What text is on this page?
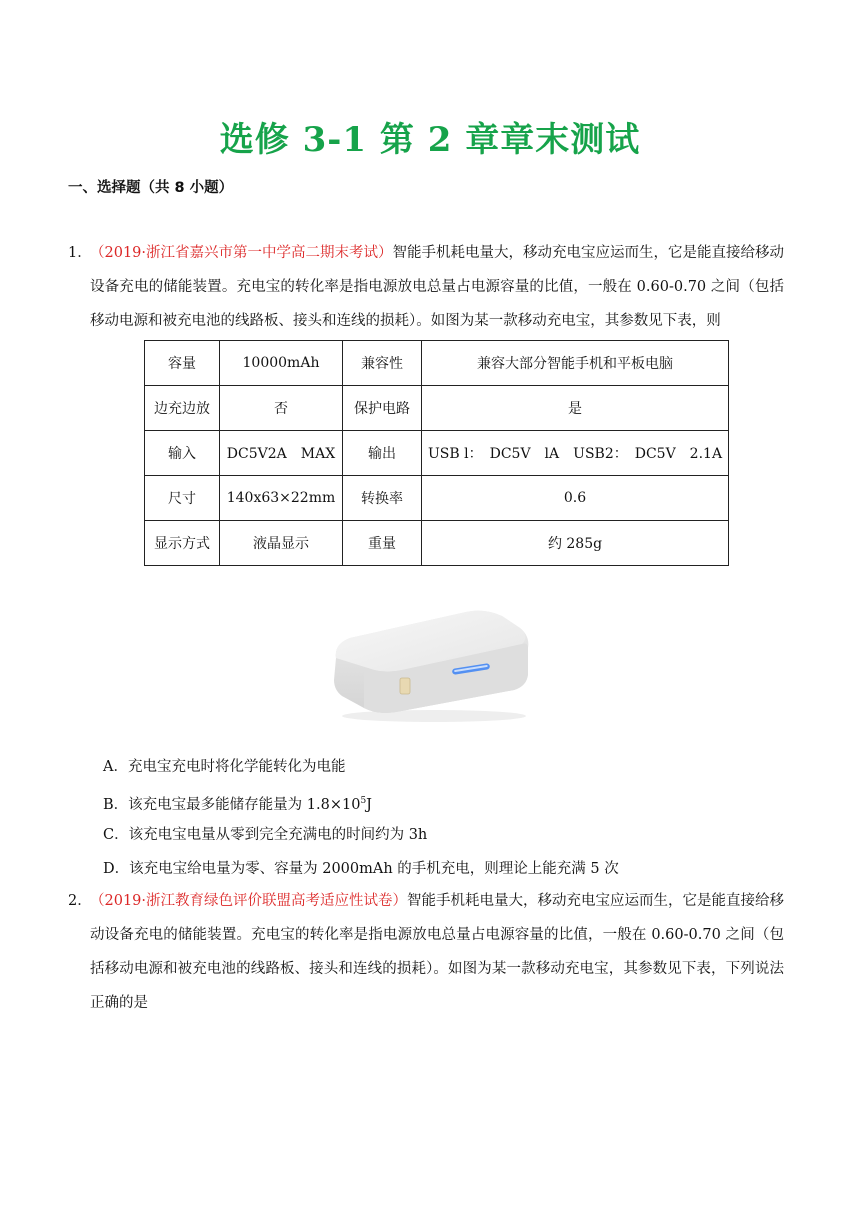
选修 3-1 第 2 章章末测试
一、选择题（共 8 小题）
1．
（2019·浙江省嘉兴市第一中学高二期末考试）智能手机耗电量大，移动充电宝应运而生，它是能直接给移动设备充电的储能装置。充电宝的转化率是指电源放电总量占电源容量的比值，一般在 0.60-0.70 之间（包括移动电源和被充电池的线路板、接头和连线的损耗）。如图为某一款移动充电宝，其参数见下表，则
容量	10000mAh	兼容性	兼容大部分智能手机和平板电脑
边充边放	否	保护电路	是
输入	DC5V2A　MAX	输出	USB l：　DC5V　lA　USB2：　DC5V　2.1A
尺寸	140x63×22mm	转换率	0.6
显示方式	液晶显示	重量	约 285g
A．充电宝充电时将化学能转化为电能
B．该充电宝最多能储存能量为 $1.8\times 10^5J$
C．该充电宝电量从零到完全充满电的时间约为 3h
D．该充电宝给电量为零、容量为 2000mAh 的手机充电，则理论上能充满 5 次
2．
（2019·浙江教育绿色评价联盟高考适应性试卷）智能手机耗电量大，移动充电宝应运而生，它是能直接给移动设备充电的储能装置。充电宝的转化率是指电源放电总量占电源容量的比值，一般在 0.60-0.70 之间（包括移动电源和被充电池的线路板、接头和连线的损耗）。如图为某一款移动充电宝，其参数见下表，下列说法正确的是
